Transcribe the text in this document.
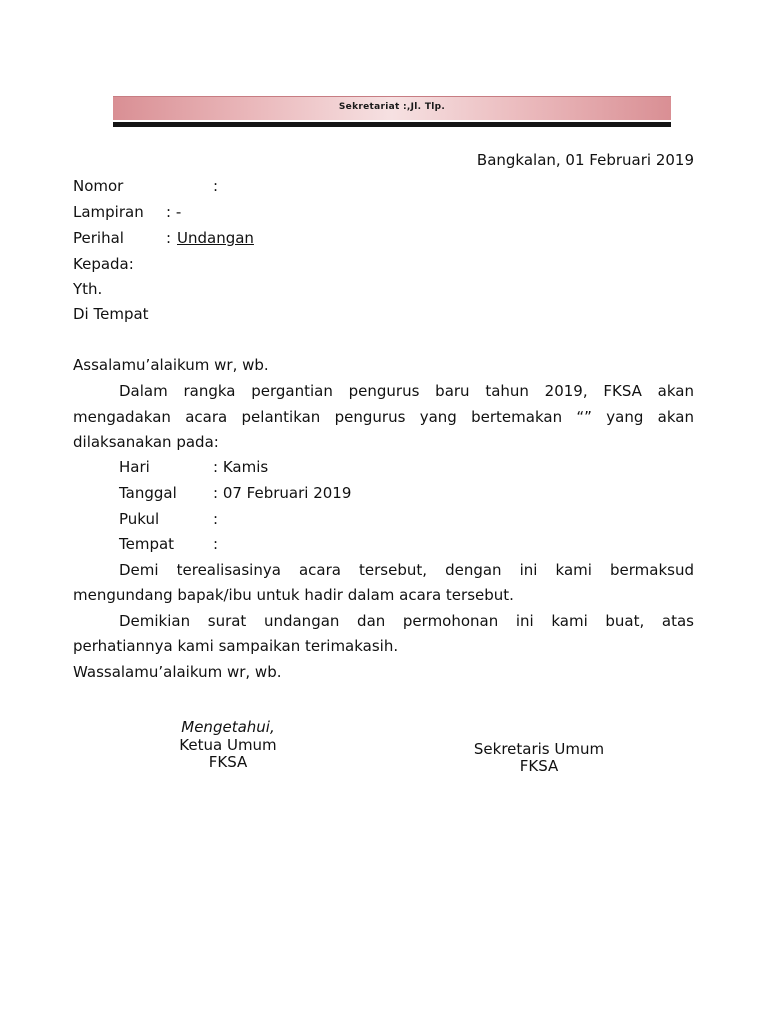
Sekretariat :,Jl. Tlp.
Bangkalan, 01 Februari 2019
Nomor	:
Lampiran : -
Perihal	: Undangan
Kepada:
Yth.
Di Tempat
Assalamu’alaikum wr, wb.
Dalam rangka pergantian pengurus baru tahun 2019, FKSA akan
mengadakan acara pelantikan pengurus yang bertemakan “” yang akan
dilaksanakan pada:
Hari	: Kamis
Tanggal : 07 Februari 2019
Pukul	:
Tempat	:
Demi terealisasinya acara tersebut, dengan ini kami bermaksud
mengundang bapak/ibu untuk hadir dalam acara tersebut.
Demikian surat undangan dan permohonan ini kami buat, atas
perhatiannya kami sampaikan terimakasih.
Wassalamu’alaikum wr, wb.
Mengetahui,
Ketua Umum
FKSA
Sekretaris Umum
FKSA
